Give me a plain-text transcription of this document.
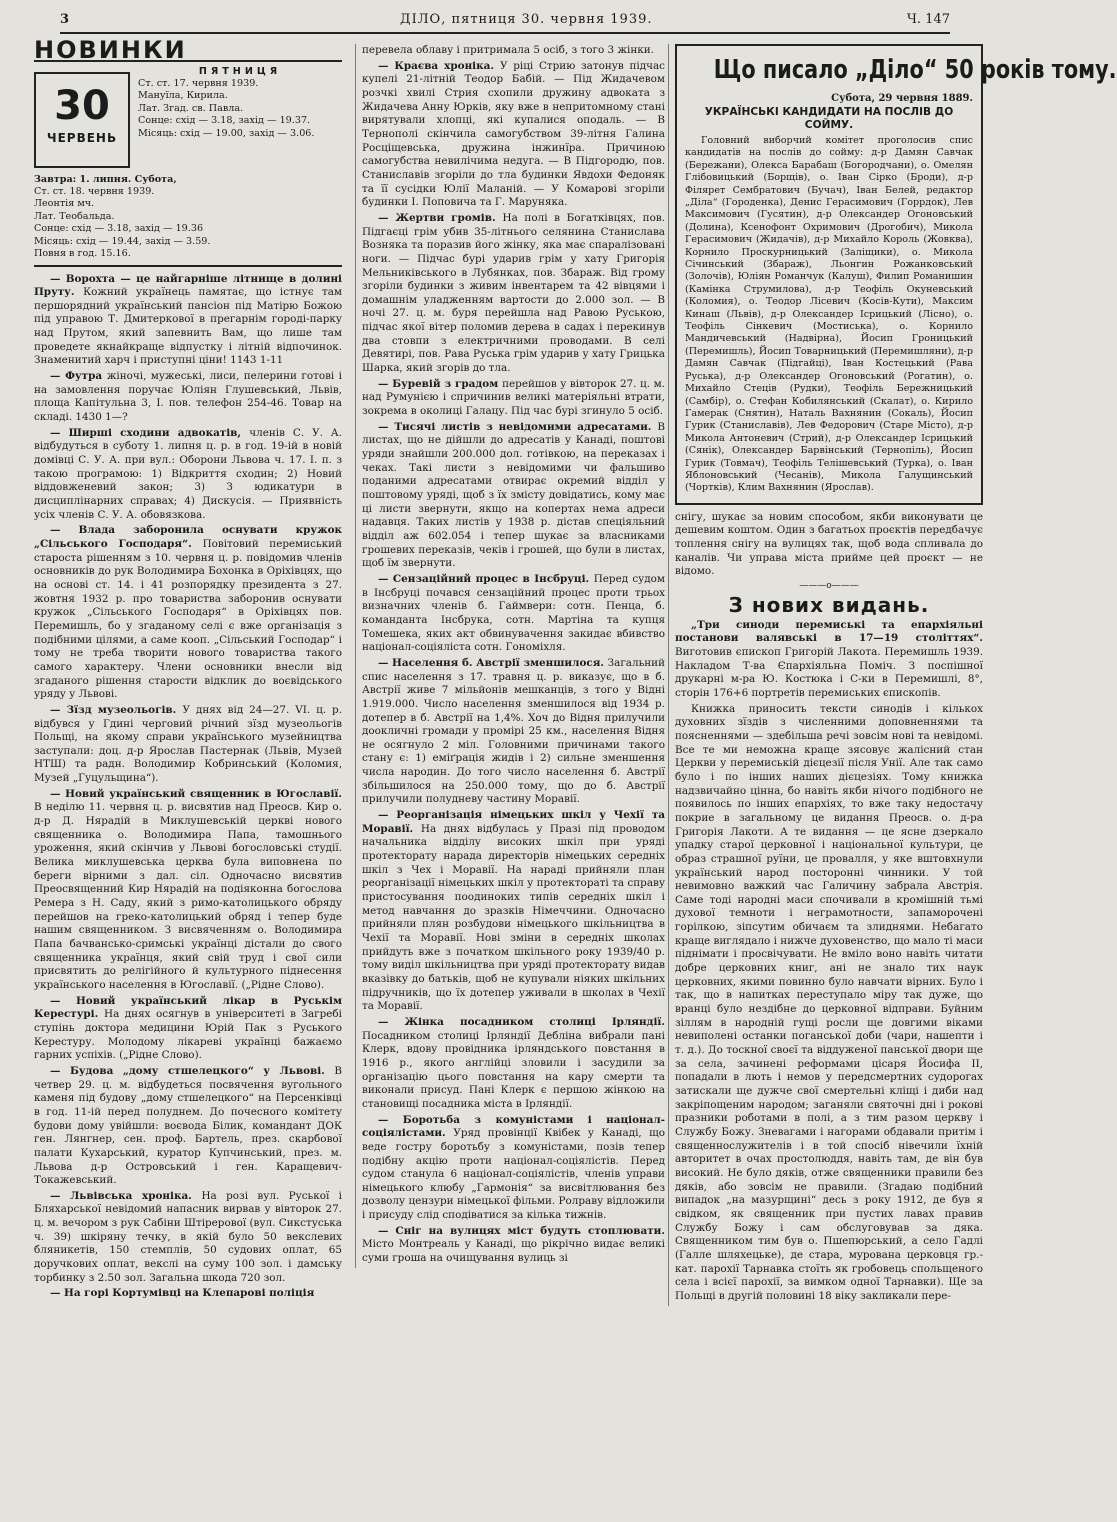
3	ДІЛО, пятниця 30. червня 1939.	Ч. 147
НОВИНКИ
30
ЧЕРВЕНЬ
ПЯТНИЦЯ
Ст. ст. 17. червня 1939.
Мануїла, Кирила.
Лат. Згад. св. Павла.
Сонце: схід — 3.18, захід — 19.37.
Місяць: схід — 19.00, захід — 3.06.
Завтра: 1. липня. Субота,
Ст. ст. 18. червня 1939.
Леонтія мч.
Лат. Теобальда.
Сонце: схід — 3.18, захід — 19.36
Місяць: схід — 19.44, захід — 3.59.
Повня в год. 15.16.

— Ворохта — це найгарніше літнище в долині Пруту. Кожний українець памятає, що істнує там першорядний український пансіон під Матірю Божою під управою Т. Дмитеркової в прегарнім городі-парку над Прутом, який запевнить Вам, що лише там проведете якнайкраще відпустку і літній відпочинок. Знаменитий харч і приступні ціни! 1143 1-11

— Футра жіночі, мужеські, лиси, пелерини готові і на замовлення поручає Юліян Глушевський, Львів, площа Капітульна 3, І. пов. телефон 254-46. Товар на складі. 1430 1—?

— Ширші сходини адвокатів, членів С. У. А. відбудуться в суботу 1. липня ц. р. в год. 19-ій в новій домівці С. У. А. при вул.: Оборони Львова ч. 17. І. п. з такою програмою: 1) Відкриття сходин; 2) Новий віддовженевий закон; 3) З юдикатури в дисциплінарних справах; 4) Дискусія. — Приявність усіх членів С. У. А. обовязкова.

— Влада заборонила оснувати кружок „Сільського Господаря“. Повітовий перемиський староста рішенням з 10. червня ц. р. повідомив членів основників до рук Володимира Бохонка в Оріхівцях, що на основі ст. 14. і 41 розпорядку президента з 27. жовтня 1932 р. про товариства заборонив оснувати кружок „Сільського Господаря“ в Оріхівцях пов. Перемишль, бо у згаданому селі є вже організація з подібними цілями, а саме кооп. „Сільський Господар“ і тому не треба творити нового товариства такого самого характеру. Члени основники внесли від згаданого рішення старости відклик до воєвідського уряду у Львові.

— Зїзд музеольогів. У днях від 24—27. VI. ц. р. відбувся у Гдині черговий річний зїзд музеольогів Польщі, на якому справи українського музейництва заступали: доц. д-р Ярослав Пастернак (Львів, Музей НТШ) та радн. Володимир Кобринський (Коломия, Музей „Гуцульщина“).

— Новий український священник в Югославії. В неділю 11. червня ц. р. висвятив над Преосв. Кир о. д-р Д. Нярадій в Миклушевській церкві нового священника о. Володимира Папа, тамошнього уроження, який скінчив у Львові богословські студії. Велика миклушевська церква була виповнена по береги вірними з дал. сіл. Одночасно висвятив Преосвященний Кир Нярадій на подіяконна богослова Ремера з Н. Саду, який з римо-католицького обряду перейшов на греко-католицький обряд і тепер буде нашим священником. З висвяченням о. Володимира Папа бачвансько-сримські українці дістали до свого священника українця, який свій труд і свої сили присвятить до релігійного й культурного піднесення українського населення в Югославії. („Рідне Слово).

— Новий український лікар в Руськім Керестурі. На днях осягнув в університеті в Загребі ступінь доктора медицини Юрій Пак з Руського Керестуру. Молодому лікареві українці бажаємо гарних успіхів. („Рідне Слово).

— Будова „дому стшелецкого“ у Львові. В четвер 29. ц. м. відбудеться посвячення вугольного каменя під будову „дому стшелецкого“ на Персенківці в год. 11-ій перед полуднем. До почесного комітету будови дому увійшли: воєвода Білик, командант ДОК ген. Лянгнер, сен. проф. Бартель, през. скарбової палати Кухарський, куратор Купчинський, през. м. Львова д-р Островський і ген. Каращевич-Токажевський.

— Львівська хроніка. На розі вул. Руської і Бляхарської невідомий напасник вирвав у вівторок 27. ц. м. вечором з рук Сабіни Штірерової (вул. Сикстуська ч. 39) шкіряну течку, в якій було 50 векслевих бляникетів, 150 стемплів, 50 судових оплат, 65 доручкових оплат, векслі на суму 100 зол. і дамську торбинку з 2.50 зол. Загальна шкода 720 зол.

— На горі Кортумівці на Клепарові поліція

перевела облаву і притримала 5 осіб, з того 3 жінки.

— Краєва хроніка. У ріці Стрию затонув підчас купелі 21-літній Теодор Бабій. — Під Жидачевом розчкі хвилі Стрия схопили дружину адвоката з Жидачева Анну Юрків, яку вже в непритомному стані вирятували хлопці, які купалися оподаль. — В Тернополі скінчила самогубством 39-літня Галина Росціщевська, дружина інжинїра. Причиною самогубства невилічима недуга. — В Підгородю, пов. Станиславів згоріли до тла будинки Явдохи Федоняк та її сусідки Юлії Маланій. — У Комарові згоріли будинки І. Поповича та Г. Маруняка.

— Жертви громів. На полі в Богатківцях, пов. Підгаєці грім убив 35-літнього селянина Станислава Возняка та поразив його жінку, яка має спаралізовані ноги. — Підчас бурі ударив грім у хату Григорія Мельниківського в Лубянках, пов. Збараж. Від грому згоріли будинки з живим інвентарем та 42 вівцями і домашнім уладженням вартости до 2.000 зол. — В ночі 27. ц. м. буря перейшла над Равою Руською, підчас якої вітер поломив дерева в садах і перекинув два стовпи з електричними проводами. В селі Девятирі, пов. Рава Руська грім ударив у хату Грицька Шарка, який згорів до тла.

— Буревій з градом перейшов у вівторок 27. ц. м. над Румунією і спричинив великі матеріяльні втрати, зокрема в околиці Галацу. Під час бурі згинуло 5 осіб.

— Тисячі листів з невідомими адресатами. В листах, що не дійшли до адресатів у Канаді, поштові уряди знайшли 200.000 дол. готівкою, на переказах і чеках. Такі листи з невідомими чи фальшиво поданими адресатами отвирає окремий відділ у поштовому уряді, щоб з їх змісту довідатись, кому має ці листи звернути, якщо на копертах нема адреси надавця. Таких листів у 1938 р. дістав спеціяльний відділ аж 602.054 і тепер шукає за власниками грошевих переказів, чеків і грошей, що були в листах, щоб їм звернути.

— Сензаційний процес в Інсбруці. Перед судом в Інсбруці почався сензаційний процес проти трьох визначних членів б. Гаймвери: сотн. Пенца, б. команданта Інсбрука, сотн. Мартіна та купця Томешека, яких акт обвинувачення закидає вбивство націонал-соціяліста сотн. Гономіхля.

— Населення б. Австрії зменшилося. Загальний спис населення з 17. травня ц. р. виказує, що в б. Австрії живе 7 мільйонів мешканців, з того у Відні 1.919.000. Число населення зменшилося від 1934 р. дотепер в б. Австрії на 1,4%. Хоч до Відня прилучили доокличні громади у промірі 25 км., населення Відня не осягнуло 2 міл. Головними причинами такого стану є: 1) еміґрація жидів і 2) сильне зменшення числа народин. До того число населення б. Австрії збільшилося на 250.000 тому, що до б. Австрії прилучили полудневу частину Моравії.

— Реорганізація німецьких шкіл у Чехії та Моравії. На днях відбулась у Празі під проводом начальника відділу високих шкіл при уряді протекторату нарада директорів німецьких середніх шкіл з Чех і Моравії. На нараді прийняли план реорганізації німецьких шкіл у протектораті та справу пристосування поодиноких типів середніх шкіл і метод навчання до зразків Німеччини. Одночасно прийняли плян розбудови німецького шкільництва в Чехії та Моравії. Нові зміни в середніх школах прийдуть вже з початком шкільного року 1939/40 р. тому виділ шкільництва при уряді протекторату видав вказівку до батьків, щоб не купували ніяких шкільних підручників, що їх дотепер уживали в школах в Чехії та Моравії.

— Жінка посадником столиці Ірляндії. Посадником столиці Ірляндії Дебліна вибрали пані Клерк, вдову провідника ірляндського повстання в 1916 р., якого англійці зловили і засудили за організацію цього повстання на кару смерти та виконали присуд. Пані Клерк є першою жінкою на становищі посадника міста в Ірляндії.

— Боротьба з комуністами і націонал-соціялістами. Уряд провінції Квібек у Канаді, що веде гостру боротьбу з комуністами, позів тепер подібну акцію проти націонал-соціялістів. Перед судом станула 6 націонал-соціялістів, членів управи німецького клюбу „Гармонія“ за висвітлювання без дозволу цензури німецької фільми. Ролраву відложили і присуду слід сподіватися за кілька тижнів.

— Сніг на вулицях міст будуть стоплювати. Місто Монтреаль у Канаді, що рікрічно видає великі суми гроша на очищування вулиць зі

Що писало „Діло“ 50 років тому.
Субота, 29 червня 1889.
УКРАЇНСЬКІ КАНДИДАТИ НА ПОСЛІВ ДО СОЙМУ.

Головний виборчий комітет проголосив спис кандидатів на послів до сойму: д-р Дамян Савчак (Бережани), Олекса Барабаш (Богородчани), о. Омелян Глібовицький (Борщів), о. Іван Сірко (Броди), д-р Філярет Сембратович (Бучач), Іван Белей, редактор „Діла“ (Городенка), Денис Герасимович (Горрдок), Лев Максимович (Гусятин), д-р Олександер Огоновський (Долина), Ксенофонт Охримович (Дрогобич), Микола Герасимович (Жидачів), д-р Михайло Король (Жовква), Корнило Проскурницький (Заліщики), о. Микола Січинський (Збараж), Льонгин Рожанковський (Золочів), Юліян Романчук (Калуш), Филип Романишин (Камінка Струмилова), д-р Теофіль Окуневський (Коломия), о. Теодор Лісевич (Косів-Кути), Максим Кинаш (Львів), д-р Олександер Ісрицький (Лісно), о. Теофіль Сінкевич (Мостиська), о. Корнило Мандичевський (Надвірна), Йосип Гроницький (Перемишль), Йосип Товарницький (Перемишляни), д-р Дамян Савчак (Підгайці), Іван Костецький (Рава Руська), д-р Олександер Огоновський (Рогатин), о. Михайло Стеців (Рудки), Теофіль Бережницький (Самбір), о. Стефан Кобилянський (Скалат), о. Кирило Гамерак (Снятин), Наталь Вахнянин (Сокаль), Йосип Гурик (Станиславів), Лев Федорович (Старе Місто), д-р Микола Антоневич (Стрий), д-р Олександер Ісрицький (Сянік), Олександер Барвінський (Тернопіль), Йосип Гурик (Товмач), Теофіль Телішевський (Турка), о. Іван Яблоновський (Чесанів), Микола Галущинський (Чортків), Клим Вахнянин (Ярослав).

снігу, шукає за новим способом, якби виконувати це дешевим коштом. Один з багатьох проєктів передбачує топлення снігу на вулицях так, щоб вода спливала до каналів. Чи управа міста прийме цей проєкт — не відомо.

———o———
З нових видань.

„Три синоди перемиські та епархіяльні постанови валявські в 17—19 століттях“. Виготовив єпископ Григорій Лакота. Перемишль 1939. Накладом Т-ва Єпархіяльна Поміч. З поспішної друкарні м-ра Ю. Костюка і С-ки в Перемишлі, 8°, сторін 176+6 портретів перемиських єпископів.

Книжка приносить тексти синодів і кількох духовних зїздів з численними доповненнями та поясненнями — здебільша речі зовсім нові та невідомі. Все те ми неможна краще зясовує жалісний стан Церкви у перемиській дієцезії після Унії. Але так само було і по інших наших дієцезіях. Тому книжка надзвичайно цінна, бо навіть якби нічого подібного не появилось по інших епархіях, то вже таку недостачу покрие в загальному це видання Преосв. о. д-ра Григорія Лакоти. А те видання — це ясне дзеркало упадку старої церковної і національної культури, це образ страшної руїни, це провалля, у яке вштовхнули український народ посторонні чинники. У той невимовно важкий час Галичину забрала Австрія. Саме тоді народні маси спочивали в кромішній тьмі духової темноти і неграмотности, запаморочені горілкою, зіпсутим обичаєм та злиднями. Небагато краще виглядало і нижче духовенство, що мало ті маси піднімати і просвічувати. Не вміло воно навіть читати добре церковних книг, ані не знало тих наук церковних, якими повинно було навчати вірних. Було і так, що в напитках переступало міру так дуже, що вранці було нездібне до церковної відправи. Буйним зіллям в народній гущі росли ще довгими віками невиполені останки поганської доби (чари, нашепти і т. д.). До тоскної своєї та віддуженої панської двори ще за села, зачинені реформами цісаря Йосифа ІІ, попадали в лють і немов у передсмертних судорогах затискали ще дужче свої смертельні кліщі і диби над закріпощеним народом; заганяли святочні дні і рокові празники роботами в полі, а з тим разом церкву і Службу Божу. Зневагами і нагорами обдавали притім і священнослужителів і в той спосіб нівечили їхній авторитет в очах простолюддя, навіть там, де він був високий. Не було дяків, отже священники правили без дяків, або зовсім не правили. (Згадаю подібний випадок „на мазурщині“ десь з року 1912, де був я свідком, як священник при пустих лавах правив Службу Божу і сам обслуговував за дяка. Священником тим був о. Пшепюрський, а село Гадлі (Галле шляхецьке), де стара, мурована церковця гр.-кат. парохії Тарнавка стоїть як гробовець спольщеного села і всієї парохії, за вимком одної Тарнавки). Ще за Польщі в другій половині 18 віку закликали пере-
